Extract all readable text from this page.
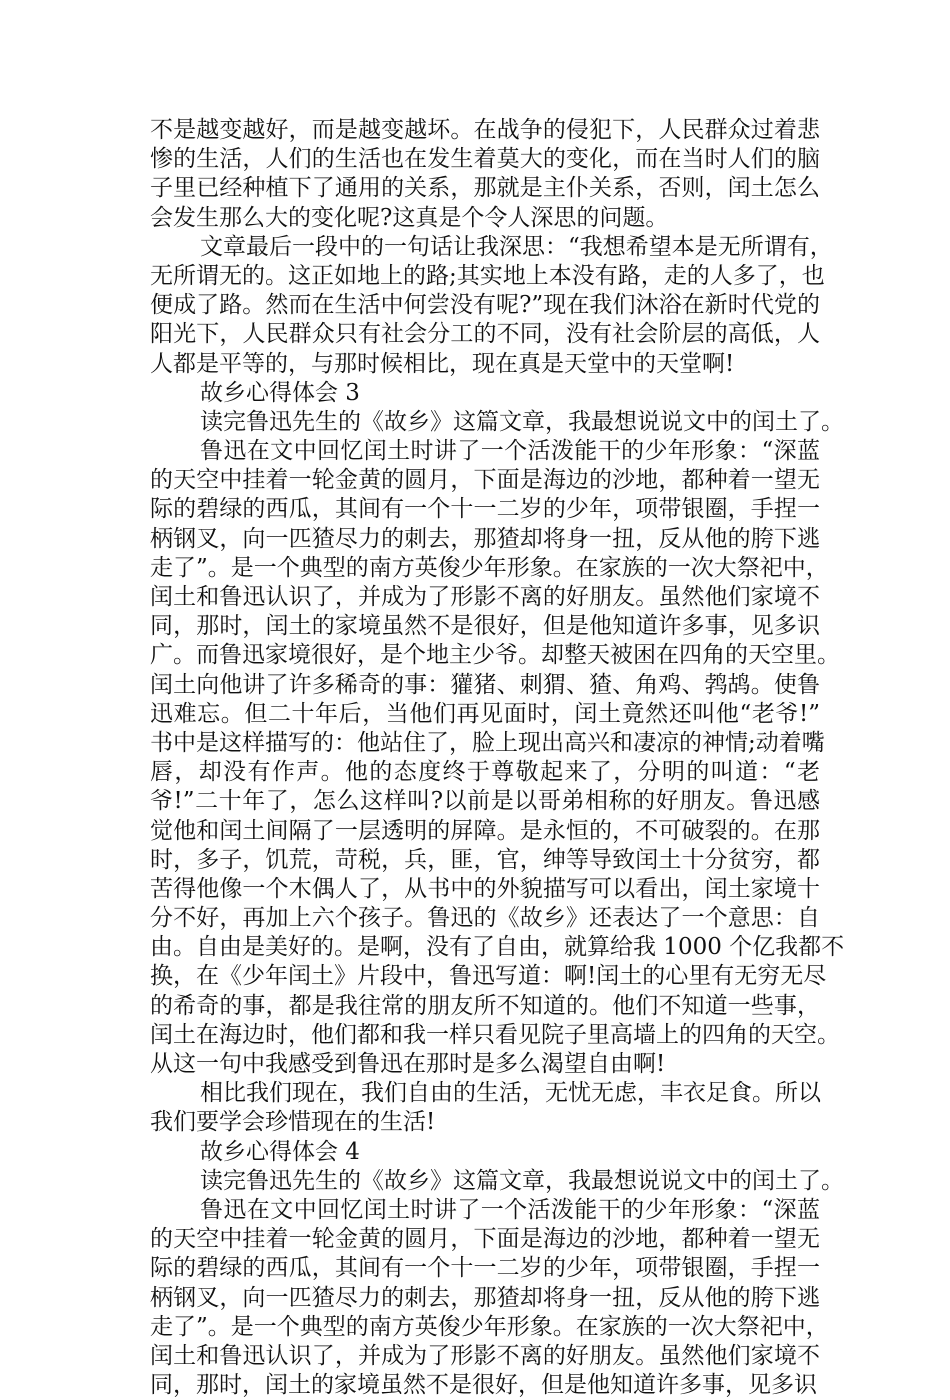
不是越变越好，而是越变越坏。在战争的侵犯下，人民群众过着悲
惨的生活，人们的生活也在发生着莫大的变化，而在当时人们的脑
子里已经种植下了通用的关系，那就是主仆关系，否则，闰土怎么
会发生那么大的变化呢?这真是个令人深思的问题。
文章最后一段中的一句话让我深思：“我想希望本是无所谓有，
无所谓无的。这正如地上的路;其实地上本没有路，走的人多了，也
便成了路。然而在生活中何尝没有呢?”现在我们沐浴在新时代党的
阳光下，人民群众只有社会分工的不同，没有社会阶层的高低，人
人都是平等的，与那时候相比，现在真是天堂中的天堂啊!
故乡心得体会 3
读完鲁迅先生的《故乡》这篇文章，我最想说说文中的闰土了。
鲁迅在文中回忆闰土时讲了一个活泼能干的少年形象：“深蓝
的天空中挂着一轮金黄的圆月，下面是海边的沙地，都种着一望无
际的碧绿的西瓜，其间有一个十一二岁的少年，项带银圈，手捏一
柄钢叉，向一匹猹尽力的刺去，那猹却将身一扭，反从他的胯下逃
走了”。是一个典型的南方英俊少年形象。在家族的一次大祭祀中，
闰土和鲁迅认识了，并成为了形影不离的好朋友。虽然他们家境不
同，那时，闰土的家境虽然不是很好，但是他知道许多事，见多识
广。而鲁迅家境很好，是个地主少爷。却整天被困在四角的天空里。
闰土向他讲了许多稀奇的事：獾猪、刺猬、猹、角鸡、鹁鸪。使鲁
迅难忘。但二十年后，当他们再见面时，闰土竟然还叫他“老爷!”
书中是这样描写的：他站住了，脸上现出高兴和凄凉的神情;动着嘴
唇，却没有作声。他的态度终于尊敬起来了，分明的叫道：“老
爷!”二十年了，怎么这样叫?以前是以哥弟相称的好朋友。鲁迅感
觉他和闰土间隔了一层透明的屏障。是永恒的，不可破裂的。在那
时，多子，饥荒，苛税，兵，匪，官，绅等导致闰土十分贫穷，都
苦得他像一个木偶人了，从书中的外貌描写可以看出，闰土家境十
分不好，再加上六个孩子。鲁迅的《故乡》还表达了一个意思：自
由。自由是美好的。是啊，没有了自由，就算给我 1000 个亿我都不
换，在《少年闰土》片段中，鲁迅写道：啊!闰土的心里有无穷无尽
的希奇的事，都是我往常的朋友所不知道的。他们不知道一些事，
闰土在海边时，他们都和我一样只看见院子里高墙上的四角的天空。
从这一句中我感受到鲁迅在那时是多么渴望自由啊!
相比我们现在，我们自由的生活，无忧无虑，丰衣足食。所以
我们要学会珍惜现在的生活!
故乡心得体会 4
读完鲁迅先生的《故乡》这篇文章，我最想说说文中的闰土了。
鲁迅在文中回忆闰土时讲了一个活泼能干的少年形象：“深蓝
的天空中挂着一轮金黄的圆月，下面是海边的沙地，都种着一望无
际的碧绿的西瓜，其间有一个十一二岁的少年，项带银圈，手捏一
柄钢叉，向一匹猹尽力的刺去，那猹却将身一扭，反从他的胯下逃
走了”。是一个典型的南方英俊少年形象。在家族的一次大祭祀中，
闰土和鲁迅认识了，并成为了形影不离的好朋友。虽然他们家境不
同，那时，闰土的家境虽然不是很好，但是他知道许多事，见多识
